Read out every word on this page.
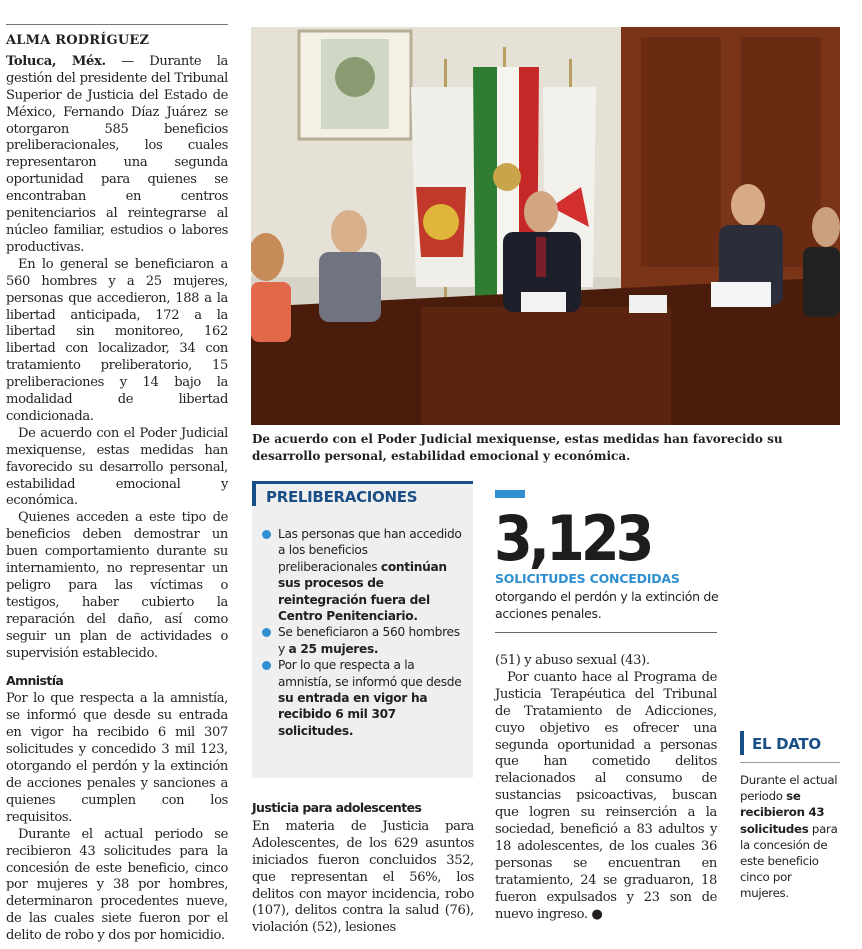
ALMA RODRÍGUEZ

Toluca, Méx. — Durante la gestión del presidente del Tribunal Superior de Justicia del Estado de México, Fernando Díaz Juárez se otorgaron 585 beneficios preliberacionales, los cuales representaron una segunda oportunidad para quienes se encontraban en centros penitenciarios al reintegrarse al núcleo familiar, estudios o labores productivas.

En lo general se beneficiaron a 560 hombres y a 25 mujeres, personas que accedieron, 188 a la libertad anticipada, 172 a la libertad sin monitoreo, 162 libertad con localizador, 34 con tratamiento preliberatorio, 15 preliberaciones y 14 bajo la modalidad de libertad condicionada.

De acuerdo con el Poder Judicial mexiquense, estas medidas han favorecido su desarrollo personal, estabilidad emocional y económica.

Quienes acceden a este tipo de beneficios deben demostrar un buen comportamiento durante su internamiento, no representar un peligro para las víctimas o testigos, haber cubierto la reparación del daño, así como seguir un plan de actividades o supervisión establecido.

Amnistía

Por lo que respecta a la amnistía, se informó que desde su entrada en vigor ha recibido 6 mil 307 solicitudes y concedido 3 mil 123, otorgando el perdón y la extinción de acciones penales y sanciones a quienes cumplen con los requisitos.

Durante el actual periodo se recibieron 43 solicitudes para la concesión de este beneficio, cinco por mujeres y 38 por hombres, determinaron procedentes nueve, de las cuales siete fueron por el delito de robo y dos por homicidio.

De acuerdo con el Poder Judicial mexiquense, estas medidas han favorecido su desarrollo personal, estabilidad emocional y económica.
PRELIBERACIONES
Las personas que han accedido a los beneficios preliberacionales continúan sus procesos de reintegración fuera del Centro Penitenciario.
Se beneficiaron a 560 hombres y a 25 mujeres.
Por lo que respecta a la amnistía, se informó que desde su entrada en vigor ha recibido 6 mil 307 solicitudes.
Justicia para adolescentes

En materia de Justicia para Adolescentes, de los 629 asuntos iniciados fueron concluidos 352, que representan el 56%, los delitos con mayor incidencia, robo (107), delitos contra la salud (76), violación (52), lesiones

3,123
SOLICITUDES CONCEDIDAS
otorgando el perdón y la extinción de acciones penales.

(51) y abuso sexual (43).

Por cuanto hace al Programa de Justicia Terapéutica del Tribunal de Tratamiento de Adicciones, cuyo objetivo es ofrecer una segunda oportunidad a personas que han cometido delitos relacionados al consumo de sustancias psicoactivas, buscan que logren su reinserción a la sociedad, benefició a 83 adultos y 18 adolescentes, de los cuales 36 personas se encuentran en tratamiento, 24 se graduaron, 18 fueron expulsados y 23 son de nuevo ingreso. ●

EL DATO
Durante el actual periodo se recibieron 43 solicitudes para la concesión de este beneficio cinco por mujeres.
